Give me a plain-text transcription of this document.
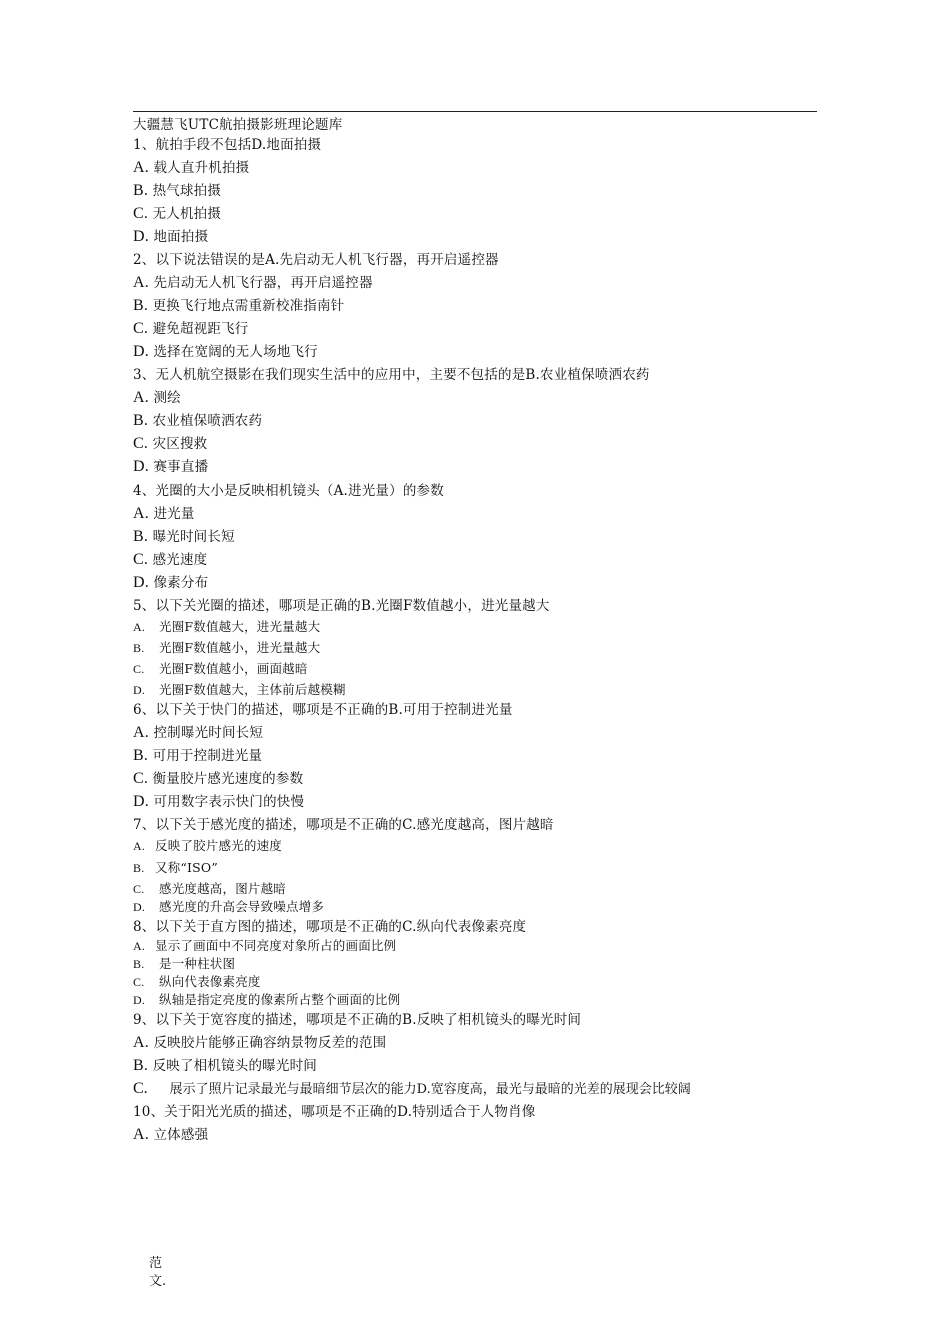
大疆慧飞UTC航拍摄影班理论题库
1、航拍手段不包括D.地面拍摄
A. 载人直升机拍摄
B. 热气球拍摄
C. 无人机拍摄
D. 地面拍摄
2、以下说法错误的是A.先启动无人机飞行器，再开启遥控器
A. 先启动无人机飞行器，再开启遥控器
B. 更换飞行地点需重新校准指南针
C. 避免超视距飞行
D. 选择在宽阔的无人场地飞行
3、无人机航空摄影在我们现实生活中的应用中，主要不包括的是B.农业植保喷洒农药
A. 测绘
B. 农业植保喷洒农药
C. 灾区搜救
D. 赛事直播
4、光圈的大小是反映相机镜头（A.进光量）的参数
A. 进光量
B. 曝光时间长短
C. 感光速度
D. 像素分布
5、以下关光圈的描述，哪项是正确的B.光圈F数值越小，进光量越大
A. 光圈F数值越大，进光量越大
B. 光圈F数值越小，进光量越大
C. 光圈F数值越小，画面越暗
D. 光圈F数值越大，主体前后越模糊
6、以下关于快门的描述，哪项是不正确的B.可用于控制进光量
A. 控制曝光时间长短
B. 可用于控制进光量
C. 衡量胶片感光速度的参数
D. 可用数字表示快门的快慢
7、以下关于感光度的描述，哪项是不正确的C.感光度越高，图片越暗
A. 反映了胶片感光的速度
B. 又称“ISO”
C. 感光度越高，图片越暗
D. 感光度的升高会导致噪点增多
8、以下关于直方图的描述，哪项是不正确的C.纵向代表像素亮度
A. 显示了画面中不同亮度对象所占的画面比例
B. 是一种柱状图
C. 纵向代表像素亮度
D. 纵轴是指定亮度的像素所占整个画面的比例
9、以下关于宽容度的描述，哪项是不正确的B.反映了相机镜头的曝光时间
A. 反映胶片能够正确容纳景物反差的范围
B. 反映了相机镜头的曝光时间
C. 展示了照片记录最光与最暗细节层次的能力D.宽容度高，最光与最暗的光差的展现会比较阔
10、关于阳光光质的描述，哪项是不正确的D.特别适合于人物肖像
A. 立体感强
范
文.
